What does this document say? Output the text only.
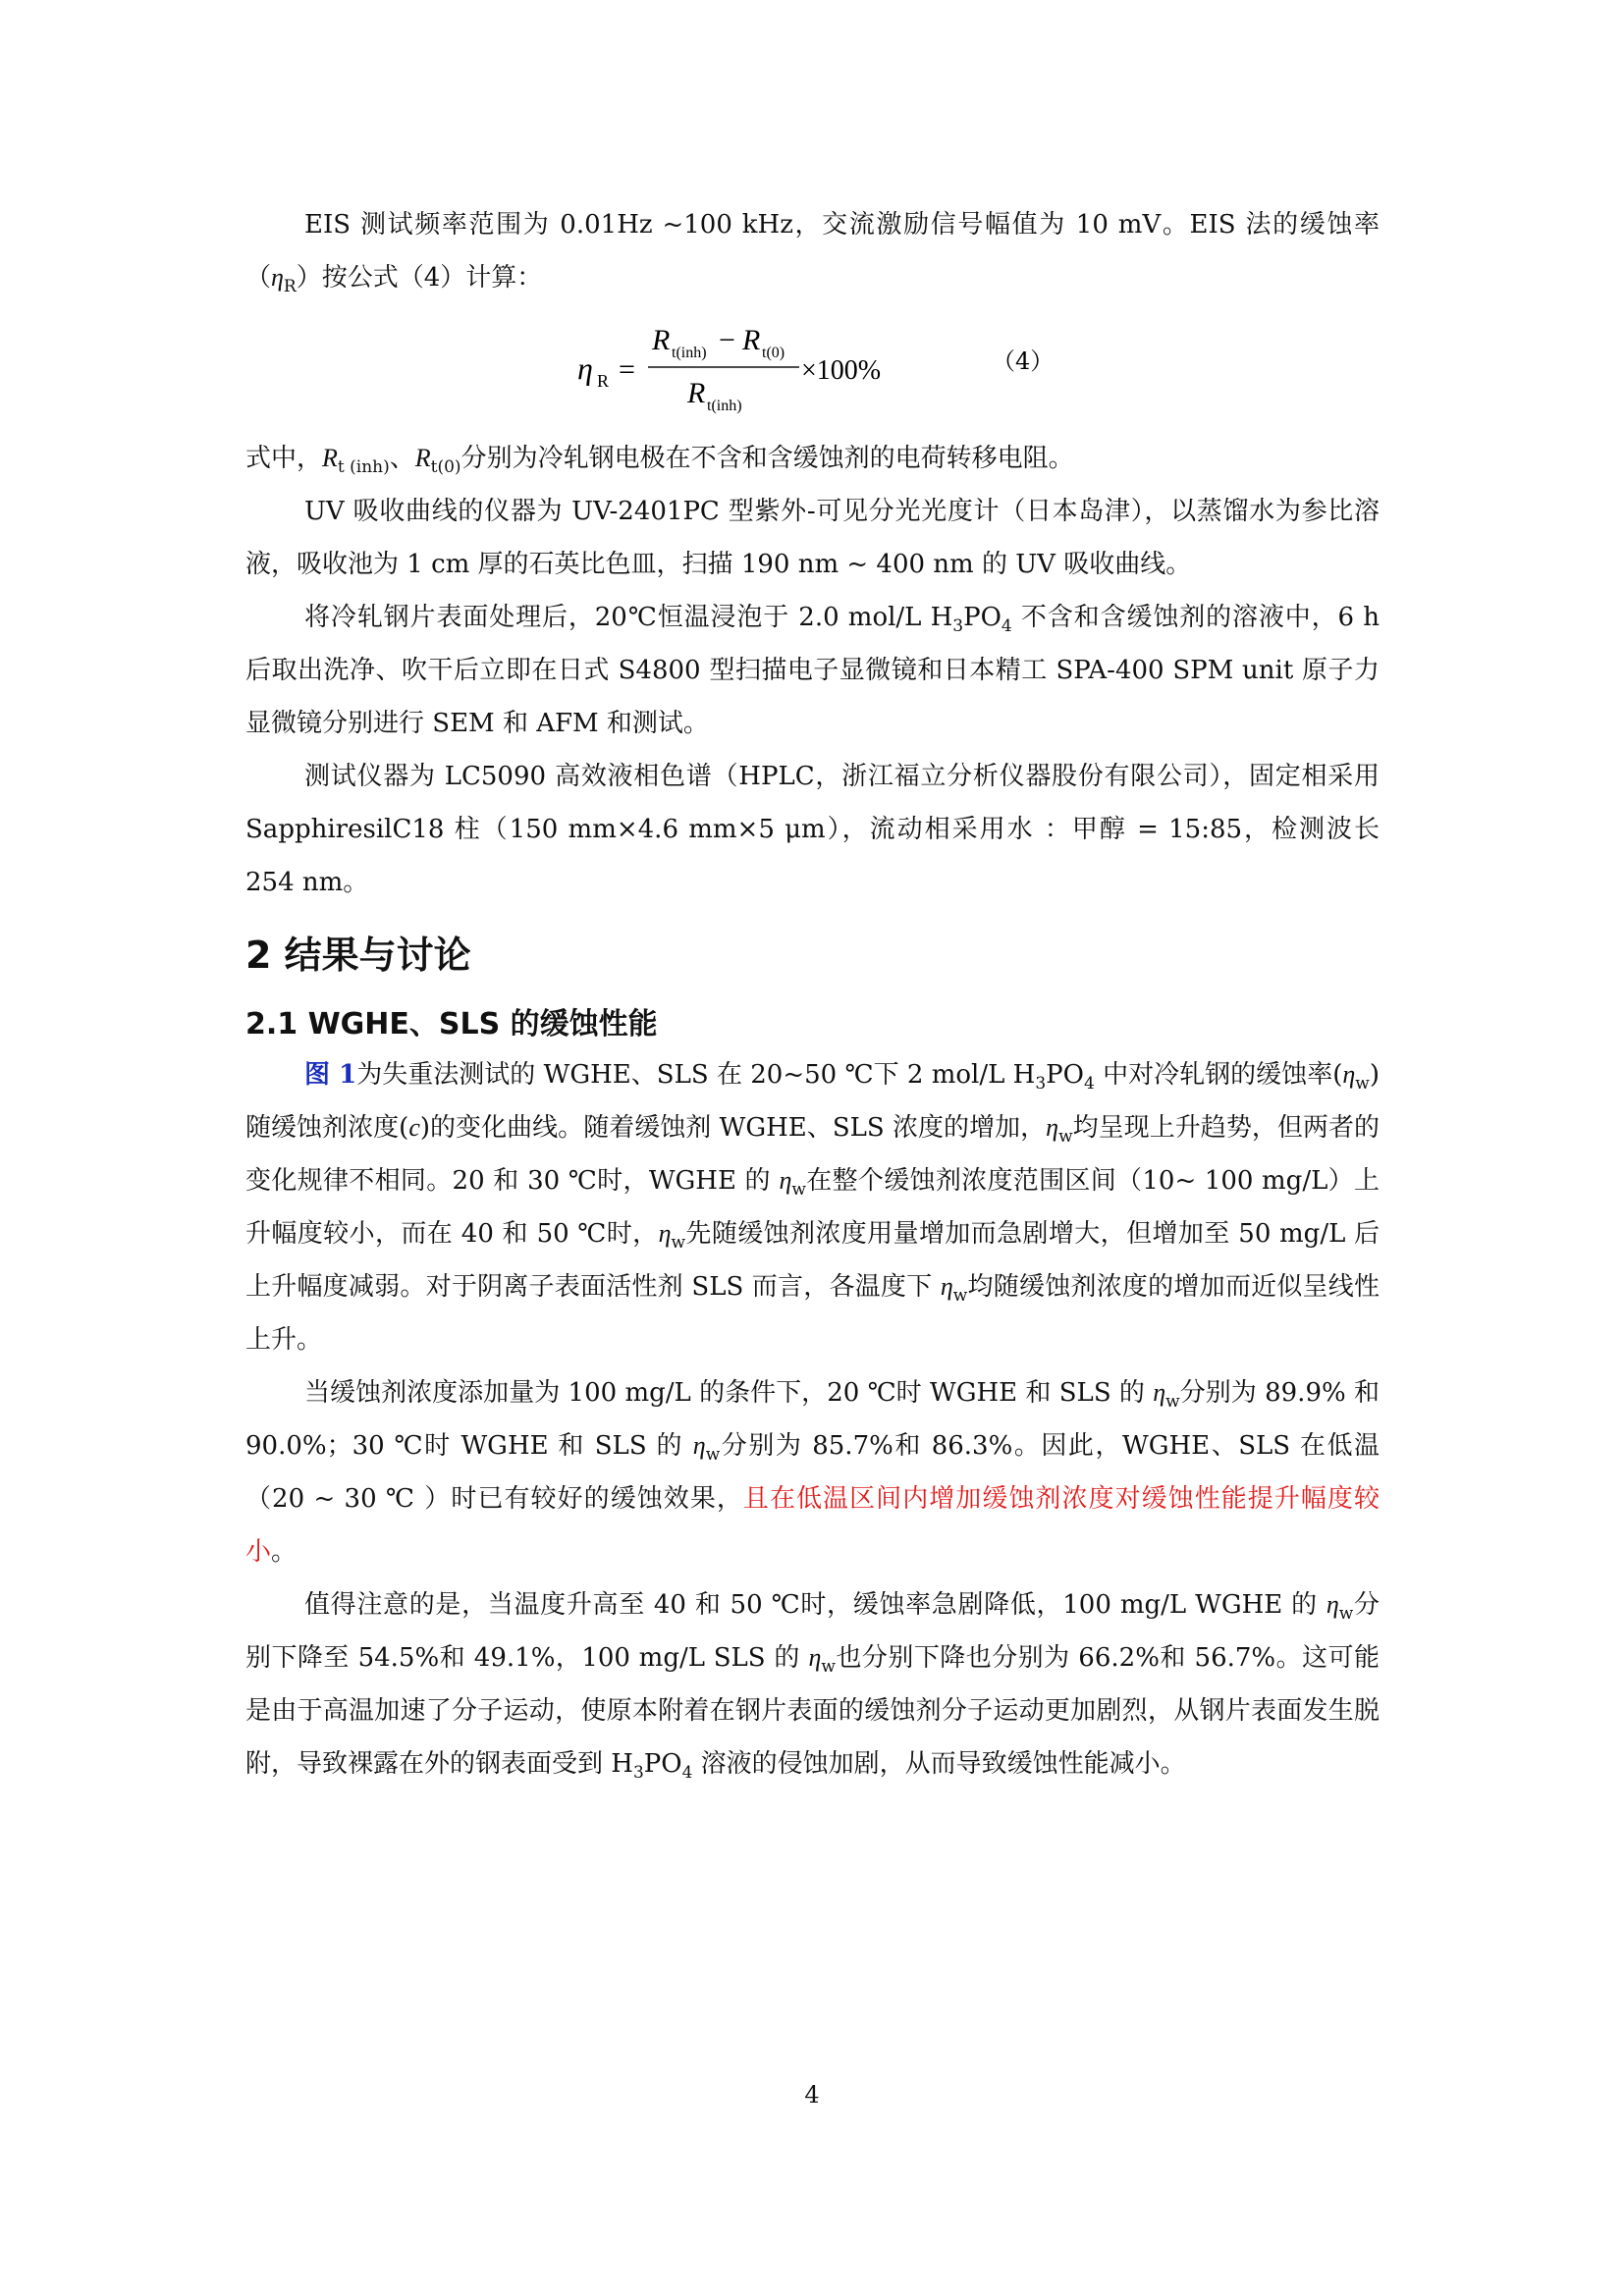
EIS 测试频率范围为 0.01Hz ~100 kHz，交流激励信号幅值为 10 mV。EIS 法的缓蚀率$(\eta_R)$按公式（4）计算：

η R =
R t(inh) − R t(0)
R t(inh)
×100%	（4）

式中，$R_{t (inh)}$、$R_{t(0)}$分别为冷轧钢电极在不含和含缓蚀剂的电荷转移电阻。

UV 吸收曲线的仪器为 UV-2401PC 型紫外-可见分光光度计（日本岛津），以蒸馏水为参比溶液，吸收池为 1 cm 厚的石英比色皿，扫描 190 nm ~ 400 nm 的 UV 吸收曲线。

将冷轧钢片表面处理后，20℃恒温浸泡于 2.0 mol/L $H_3PO_4$ 不含和含缓蚀剂的溶液中，6 h 后取出洗净、吹干后立即在日式 S4800 型扫描电子显微镜和日本精工 SPA-400 SPM unit 原子力显微镜分别进行 SEM 和 AFM 和测试。

测试仪器为 LC5090 高效液相色谱（HPLC，浙江福立分析仪器股份有限公司），固定相采用 SapphiresilC18 柱（150 mm×4.6 mm×5 μm），流动相采用水 ：甲醇 = 15:85，检测波长 254 nm。

2 结果与讨论
2.1 WGHE、SLS 的缓蚀性能

图 1为失重法测试的 WGHE、SLS 在 20~50 ℃下 2 mol/L $H_3PO_4$ 中对冷轧钢的缓蚀率$(\eta_w)$随缓蚀剂浓度(c)的变化曲线。随着缓蚀剂 WGHE、SLS 浓度的增加，$\eta_w$均呈现上升趋势，但两者的变化规律不相同。20 和 30 ℃时，WGHE 的 $\eta_w$在整个缓蚀剂浓度范围区间（10~ 100 mg/L）上升幅度较小，而在 40 和 50 ℃时，$\eta_w$先随缓蚀剂浓度用量增加而急剧增大，但增加至 50 mg/L 后上升幅度减弱。对于阴离子表面活性剂 SLS 而言，各温度下 $\eta_w$均随缓蚀剂浓度的增加而近似呈线性上升。

当缓蚀剂浓度添加量为 100 mg/L 的条件下，20 ℃时 WGHE 和 SLS 的 $\eta_w$分别为 89.9% 和 90.0%；30 ℃时 WGHE 和 SLS 的 $\eta_w$分别为 85.7%和 86.3%。因此，WGHE、SLS 在低温（20 ~ 30 ℃ ）时已有较好的缓蚀效果，且在低温区间内增加缓蚀剂浓度对缓蚀性能提升幅度较小。

值得注意的是，当温度升高至 40 和 50 ℃时，缓蚀率急剧降低，100 mg/L WGHE 的 $\eta_w$分别下降至 54.5%和 49.1%，100 mg/L SLS 的 $\eta_w$也分别下降也分别为 66.2%和 56.7%。这可能是由于高温加速了分子运动，使原本附着在钢片表面的缓蚀剂分子运动更加剧烈，从钢片表面发生脱附，导致裸露在外的钢表面受到 $H_3PO_4$ 溶液的侵蚀加剧，从而导致缓蚀性能减小。

4
